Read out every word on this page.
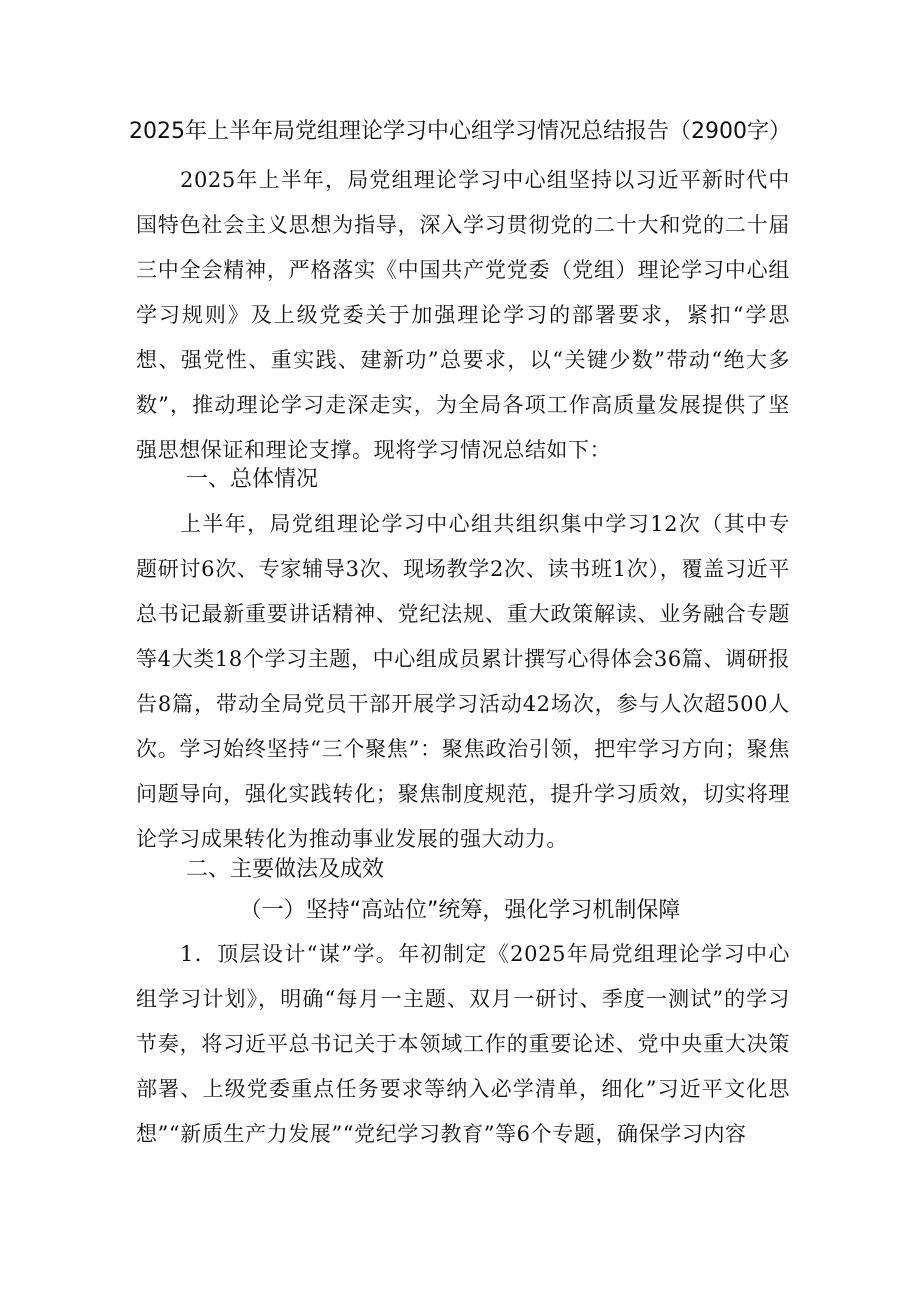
2025年上半年局党组理论学习中心组学习情况总结报告（2900字）

2025年上半年，局党组理论学习中心组坚持以习近平新时代中国特色社会主义思想为指导，深入学习贯彻党的二十大和党的二十届三中全会精神，严格落实《中国共产党党委（党组）理论学习中心组学习规则》及上级党委关于加强理论学习的部署要求，紧扣“学思想、强党性、重实践、建新功”总要求，以“关键少数”带动“绝大多数”，推动理论学习走深走实，为全局各项工作高质量发展提供了坚强思想保证和理论支撑。现将学习情况总结如下：

一、总体情况

上半年，局党组理论学习中心组共组织集中学习12次（其中专题研讨6次、专家辅导3次、现场教学2次、读书班1次），覆盖习近平总书记最新重要讲话精神、党纪法规、重大政策解读、业务融合专题等4大类18个学习主题，中心组成员累计撰写心得体会36篇、调研报告8篇，带动全局党员干部开展学习活动42场次，参与人次超500人次。学习始终坚持“三个聚焦”：聚焦政治引领，把牢学习方向；聚焦问题导向，强化实践转化；聚焦制度规范，提升学习质效，切实将理论学习成果转化为推动事业发展的强大动力。

二、主要做法及成效
（一）坚持“高站位”统筹，强化学习机制保障

1．顶层设计“谋”学。年初制定《2025年局党组理论学习中心组学习计划》，明确“每月一主题、双月一研讨、季度一测试”的学习节奏，将习近平总书记关于本领域工作的重要论述、党中央重大决策部署、上级党委重点任务要求等纳入必学清单，细化”习近平文化思想”“新质生产力发展”“党纪学习教育”等6个专题，确保学习内容
